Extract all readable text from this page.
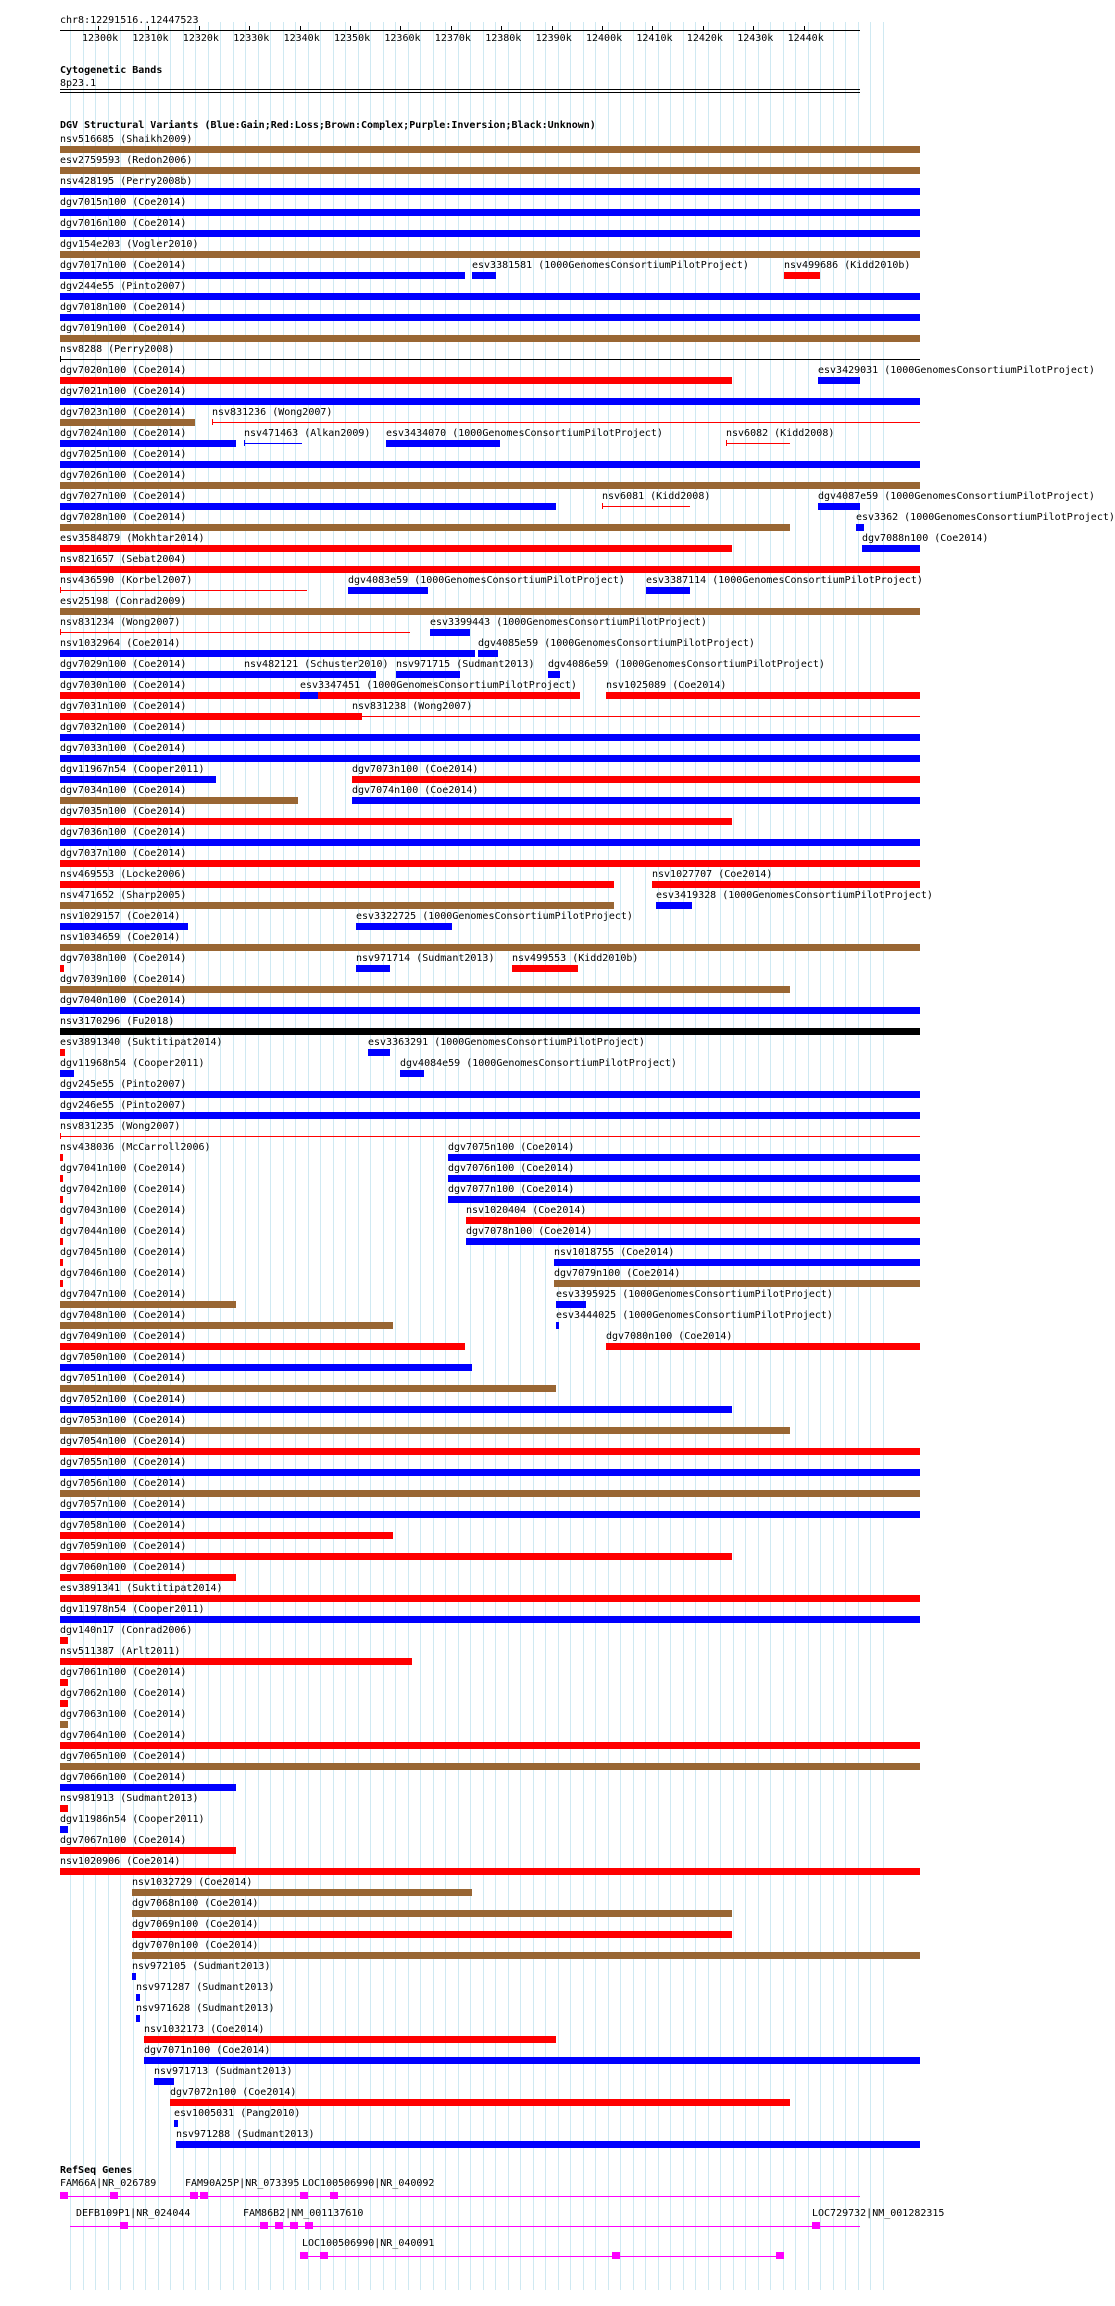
chr8:12291516..12447523
12300k 12310k 12320k 12330k 12340k 12350k 12360k 12370k 12380k 12390k 12400k 12410k 12420k 12430k 12440k
Cytogenetic Bands
8p23.1
DGV Structural Variants (Blue:Gain;Red:Loss;Brown:Complex;Purple:Inversion;Black:Unknown)
nsv516685 (Shaikh2009)
esv2759593 (Redon2006)
nsv428195 (Perry2008b)
dgv7015n100 (Coe2014)
dgv7016n100 (Coe2014)
dgv154e203 (Vogler2010)
dgv7017n100 (Coe2014)	esv3381581 (1000GenomesConsortiumPilotProject)	nsv499686 (Kidd2010b)
dgv244e55 (Pinto2007)
dgv7018n100 (Coe2014)
dgv7019n100 (Coe2014)
nsv8288 (Perry2008)
dgv7020n100 (Coe2014)	esv3429031 (1000GenomesConsortiumPilotProject)
dgv7021n100 (Coe2014)
dgv7023n100 (Coe2014)	nsv831236 (Wong2007)
dgv7024n100 (Coe2014)	nsv471463 (Alkan2009) esv3434070 (1000GenomesConsortiumPilotProject)	nsv6082 (Kidd2008)
dgv7025n100 (Coe2014)
dgv7026n100 (Coe2014)
dgv7027n100 (Coe2014)	nsv6081 (Kidd2008)	dgv4087e59 (1000GenomesConsortiumPilotProject)
dgv7028n100 (Coe2014)	esv3362 (1000GenomesConsortiumPilotProject)
esv3584879 (Mokhtar2014)	dgv7088n100 (Coe2014)
nsv821657 (Sebat2004)
nsv436590 (Korbel2007)	dgv4083e59 (1000GenomesConsortiumPilotProject) esv3387114 (1000GenomesConsortiumPilotProject)
esv25198 (Conrad2009)
nsv831234 (Wong2007)	esv3399443 (1000GenomesConsortiumPilotProject)
nsv1032964 (Coe2014)	dgv4085e59 (1000GenomesConsortiumPilotProject)
dgv7029n100 (Coe2014)	nsv482121 (Schuster2010) nsv971715 (Sudmant2013) dgv4086e59 (1000GenomesConsortiumPilotProject)
dgv7030n100 (Coe2014)	esv3347451 (1000GenomesConsortiumPilotProject)	nsv1025089 (Coe2014)
dgv7031n100 (Coe2014)	nsv831238 (Wong2007)
dgv7032n100 (Coe2014)
dgv7033n100 (Coe2014)
dgv11967n54 (Cooper2011)	dgv7073n100 (Coe2014)
dgv7034n100 (Coe2014)	dgv7074n100 (Coe2014)
dgv7035n100 (Coe2014)
dgv7036n100 (Coe2014)
dgv7037n100 (Coe2014)
nsv469553 (Locke2006)	nsv1027707 (Coe2014)
nsv471652 (Sharp2005)	esv3419328 (1000GenomesConsortiumPilotProject)
nsv1029157 (Coe2014)	esv3322725 (1000GenomesConsortiumPilotProject)
nsv1034659 (Coe2014)
dgv7038n100 (Coe2014)	nsv971714 (Sudmant2013) nsv499553 (Kidd2010b)
dgv7039n100 (Coe2014)
dgv7040n100 (Coe2014)
nsv3170296 (Fu2018)
esv3891340 (Suktitipat2014)	esv3363291 (1000GenomesConsortiumPilotProject)
dgv11968n54 (Cooper2011)	dgv4084e59 (1000GenomesConsortiumPilotProject)
dgv245e55 (Pinto2007)
dgv246e55 (Pinto2007)
nsv831235 (Wong2007)
nsv438036 (McCarroll2006)	dgv7075n100 (Coe2014)
dgv7041n100 (Coe2014)	dgv7076n100 (Coe2014)
dgv7042n100 (Coe2014)	dgv7077n100 (Coe2014)
dgv7043n100 (Coe2014)	nsv1020404 (Coe2014)
dgv7044n100 (Coe2014)	dgv7078n100 (Coe2014)
dgv7045n100 (Coe2014)	nsv1018755 (Coe2014)
dgv7046n100 (Coe2014)	dgv7079n100 (Coe2014)
dgv7047n100 (Coe2014)	esv3395925 (1000GenomesConsortiumPilotProject)
dgv7048n100 (Coe2014)	esv3444025 (1000GenomesConsortiumPilotProject)
dgv7049n100 (Coe2014)	dgv7080n100 (Coe2014)
dgv7050n100 (Coe2014)
dgv7051n100 (Coe2014)
dgv7052n100 (Coe2014)
dgv7053n100 (Coe2014)
dgv7054n100 (Coe2014)
dgv7055n100 (Coe2014)
dgv7056n100 (Coe2014)
dgv7057n100 (Coe2014)
dgv7058n100 (Coe2014)
dgv7059n100 (Coe2014)
dgv7060n100 (Coe2014)
esv3891341 (Suktitipat2014)
dgv11978n54 (Cooper2011)
dgv140n17 (Conrad2006)
nsv511387 (Arlt2011)
dgv7061n100 (Coe2014)
dgv7062n100 (Coe2014)
dgv7063n100 (Coe2014)
dgv7064n100 (Coe2014)
dgv7065n100 (Coe2014)
dgv7066n100 (Coe2014)
nsv981913 (Sudmant2013)
dgv11986n54 (Cooper2011)
dgv7067n100 (Coe2014)
nsv1020906 (Coe2014)
nsv1032729 (Coe2014)
dgv7068n100 (Coe2014)
dgv7069n100 (Coe2014)
dgv7070n100 (Coe2014)
nsv972105 (Sudmant2013)
nsv971287 (Sudmant2013)
nsv971628 (Sudmant2013)
nsv1032173 (Coe2014)
dgv7071n100 (Coe2014)
nsv971713 (Sudmant2013)
dgv7072n100 (Coe2014)
esv1005031 (Pang2010)
nsv971288 (Sudmant2013)
RefSeq Genes
FAM66A|NR_026789	FAM90A25P|NR_073395 LOC100506990|NR_040092
DEFB109P1|NR_024044	FAM86B2|NM_001137610	LOC729732|NM_001282315
LOC100506990|NR_040091
